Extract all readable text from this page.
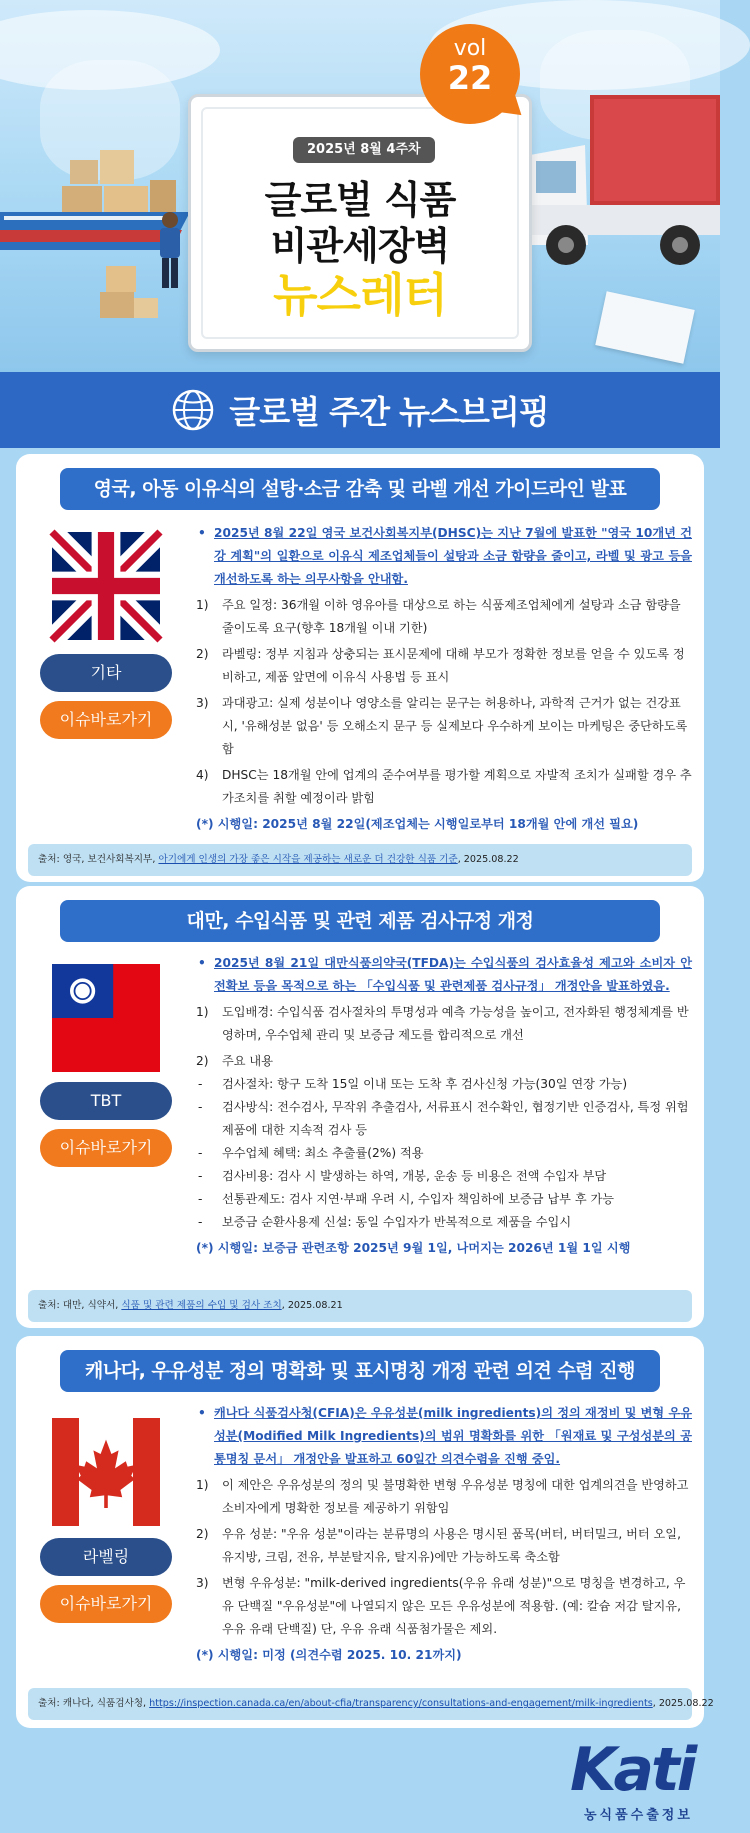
2025년 8월 4주차
글로벌 식품
비관세장벽
뉴스레터
vol
22
글로벌 주간 뉴스브리핑
영국, 아동 이유식의 설탕·소금 감축 및 라벨 개선 가이드라인 발표
기타
이슈바로가기
• 2025년 8월 22일 영국 보건사회복지부(DHSC)는 지난 7월에 발표한 "영국 10개년 건강 계획"의 일환으로 이유식 제조업체들이 설탕과 소금 함량을 줄이고, 라벨 및 광고 등을 개선하도록 하는 의무사항을 안내함.
1) 주요 일정: 36개월 이하 영유아를 대상으로 하는 식품제조업체에게 설탕과 소금 함량을 줄이도록 요구(향후 18개월 이내 기한)
2) 라벨링: 정부 지침과 상충되는 표시문제에 대해 부모가 정확한 정보를 얻을 수 있도록 정비하고, 제품 앞면에 이유식 사용법 등 표시
3) 과대광고: 실제 성분이나 영양소를 알리는 문구는 허용하나, 과학적 근거가 없는 건강표시, '유해성분 없음' 등 오해소지 문구 등 실제보다 우수하게 보이는 마케팅은 중단하도록 함
4) DHSC는 18개월 안에 업계의 준수여부를 평가할 계획으로 자발적 조치가 실패할 경우 추가조치를 취할 예정이라 밝힘
(*) 시행일: 2025년 8월 22일(제조업체는 시행일로부터 18개월 안에 개선 필요)
출처: 영국, 보건사회복지부, 아기에게 인생의 가장 좋은 시작을 제공하는 새로운 더 건강한 식품 기준, 2025.08.22
대만, 수입식품 및 관련 제품 검사규정 개정
TBT
이슈바로가기
• 2025년 8월 21일 대만식품의약국(TFDA)는 수입식품의 검사효율성 제고와 소비자 안전확보 등을 목적으로 하는 「수입식품 및 관련제품 검사규정」 개정안을 발표하였음.
1) 도입배경: 수입식품 검사절차의 투명성과 예측 가능성을 높이고, 전자화된 행정체계를 반영하며, 우수업체 관리 및 보증금 제도를 합리적으로 개선
2) 주요 내용
- 검사절차: 항구 도착 15일 이내 또는 도착 후 검사신청 가능(30일 연장 가능)
- 검사방식: 전수검사, 무작위 추출검사, 서류표시 전수확인, 협정기반 인증검사, 특정 위험 제품에 대한 지속적 검사 등
- 우수업체 혜택: 최소 추출률(2%) 적용
- 검사비용: 검사 시 발생하는 하역, 개봉, 운송 등 비용은 전액 수입자 부담
- 선통관제도: 검사 지연·부패 우려 시, 수입자 책임하에 보증금 납부 후 가능
- 보증금 순환사용제 신설: 동일 수입자가 반복적으로 제품을 수입시
(*) 시행일: 보증금 관련조항 2025년 9월 1일, 나머지는 2026년 1월 1일 시행
출처: 대만, 식약서, 식품 및 관련 제품의 수입 및 검사 조치, 2025.08.21
캐나다, 우유성분 정의 명확화 및 표시명칭 개정 관련 의견 수렴 진행
라벨링
이슈바로가기
• 캐나다 식품검사청(CFIA)은 우유성분(milk ingredients)의 정의 재정비 및 변형 우유성분(Modified Milk Ingredients)의 범위 명확화를 위한 「원재료 및 구성성분의 공통명칭 문서」 개정안을 발표하고 60일간 의견수렴을 진행 중임.
1) 이 제안은 우유성분의 정의 및 불명확한 변형 우유성분 명칭에 대한 업계의견을 반영하고 소비자에게 명확한 정보를 제공하기 위함임
2) 우유 성분: "우유 성분"이라는 분류명의 사용은 명시된 품목(버터, 버터밀크, 버터 오일, 유지방, 크림, 전유, 부분탈지유, 탈지유)에만 가능하도록 축소함
3) 변형 우유성분: "milk-derived ingredients(우유 유래 성분)"으로 명칭을 변경하고, 우유 단백질 "우유성분"에 나열되지 않은 모든 우유성분에 적용함. (예: 칼슘 저감 탈지유, 우유 유래 단백질) 단, 우유 유래 식품첨가물은 제외.
(*) 시행일: 미정 (의견수렴 2025. 10. 21까지)
출처: 캐나다, 식품검사청, https://inspection.canada.ca/en/about-cfia/transparency/consultations-and-engagement/milk-ingredients, 2025.08.22
Kati
농식품수출정보
